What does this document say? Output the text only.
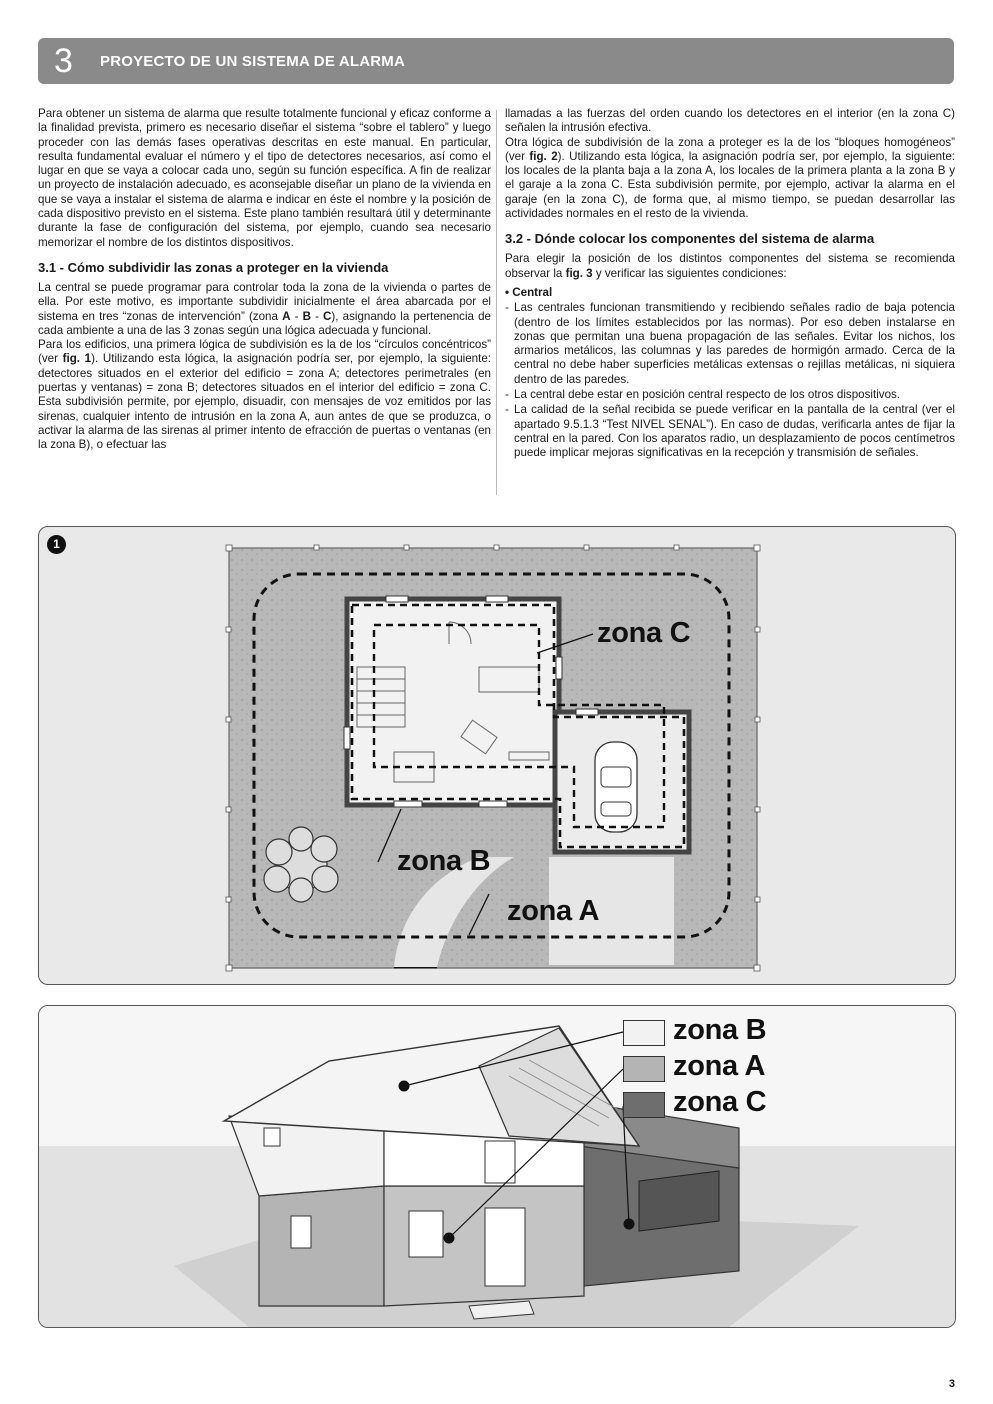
3	PROYECTO DE UN SISTEMA DE ALARMA

Para obtener un sistema de alarma que resulte totalmente funcional y eficaz conforme a la finalidad prevista, primero es necesario diseñar el sistema “sobre el tablero” y luego proceder con las demás fases operativas descritas en este manual. En particular, resulta fundamental evaluar el número y el tipo de detectores necesarios, así como el lugar en que se vaya a colocar cada uno, según su función específica. A fin de realizar un proyecto de instalación adecuado, es aconsejable diseñar un plano de la vivienda en que se vaya a instalar el sistema de alarma e indicar en éste el nombre y la posición de cada dispositivo previsto en el sistema. Este plano también resultará útil y determinante durante la fase de configuración del sistema, por ejemplo, cuando sea necesario memorizar el nombre de los distintos dispositivos.

3.1 - Cómo subdividir las zonas a proteger en la vivienda

La central se puede programar para controlar toda la zona de la vivienda o partes de ella. Por este motivo, es importante subdividir inicialmente el área abarcada por el sistema en tres “zonas de intervención” (zona A - B - C), asignando la pertenencia de cada ambiente a una de las 3 zonas según una lógica adecuada y funcional.

Para los edificios, una primera lógica de subdivisión es la de los “círculos concéntricos” (ver fig. 1). Utilizando esta lógica, la asignación podría ser, por ejemplo, la siguiente: detectores situados en el exterior del edificio = zona A; detectores perimetrales (en puertas y ventanas) = zona B; detectores situados en el interior del edificio = zona C. Esta subdivisión permite, por ejemplo, disuadir, con mensajes de voz emitidos por las sirenas, cualquier intento de intrusión en la zona A, aun antes de que se produzca, o activar la alarma de las sirenas al primer intento de efracción de puertas o ventanas (en la zona B), o efectuar las

llamadas a las fuerzas del orden cuando los detectores en el interior (en la zona C) señalen la intrusión efectiva.

Otra lógica de subdivisión de la zona a proteger es la de los “bloques homogéneos” (ver fig. 2). Utilizando esta lógica, la asignación podría ser, por ejemplo, la siguiente: los locales de la planta baja a la zona A, los locales de la primera planta a la zona B y el garaje a la zona C. Esta subdivisión permite, por ejemplo, activar la alarma en el garaje (en la zona C), de forma que, al mismo tiempo, se puedan desarrollar las actividades normales en el resto de la vivienda.

3.2 - Dónde colocar los componentes del sistema de alarma

Para elegir la posición de los distintos componentes del sistema se recomienda observar la fig. 3 y verificar las siguientes condiciones:

• Central
- Las centrales funcionan transmitiendo y recibiendo señales radio de baja potencia (dentro de los límites establecidos por las normas). Por eso deben instalarse en zonas que permitan una buena propagación de las señales. Evitar los nichos, los armarios metálicos, las columnas y las paredes de hormigón armado. Cerca de la central no debe haber superficies metálicas extensas o rejillas metálicas, ni siquiera dentro de las paredes.
- La central debe estar en posición central respecto de los otros dispositivos.
- La calidad de la señal recibida se puede verificar en la pantalla de la central (ver el apartado 9.5.1.3 “Test NIVEL SENAL”). En caso de dudas, verificarla antes de fijar la central en la pared. Con los aparatos radio, un desplazamiento de pocos centímetros puede implicar mejoras significativas en la recepción y transmisión de señales.
1
zona C
zona B
zona A
zona B
zona A
zona C
3
